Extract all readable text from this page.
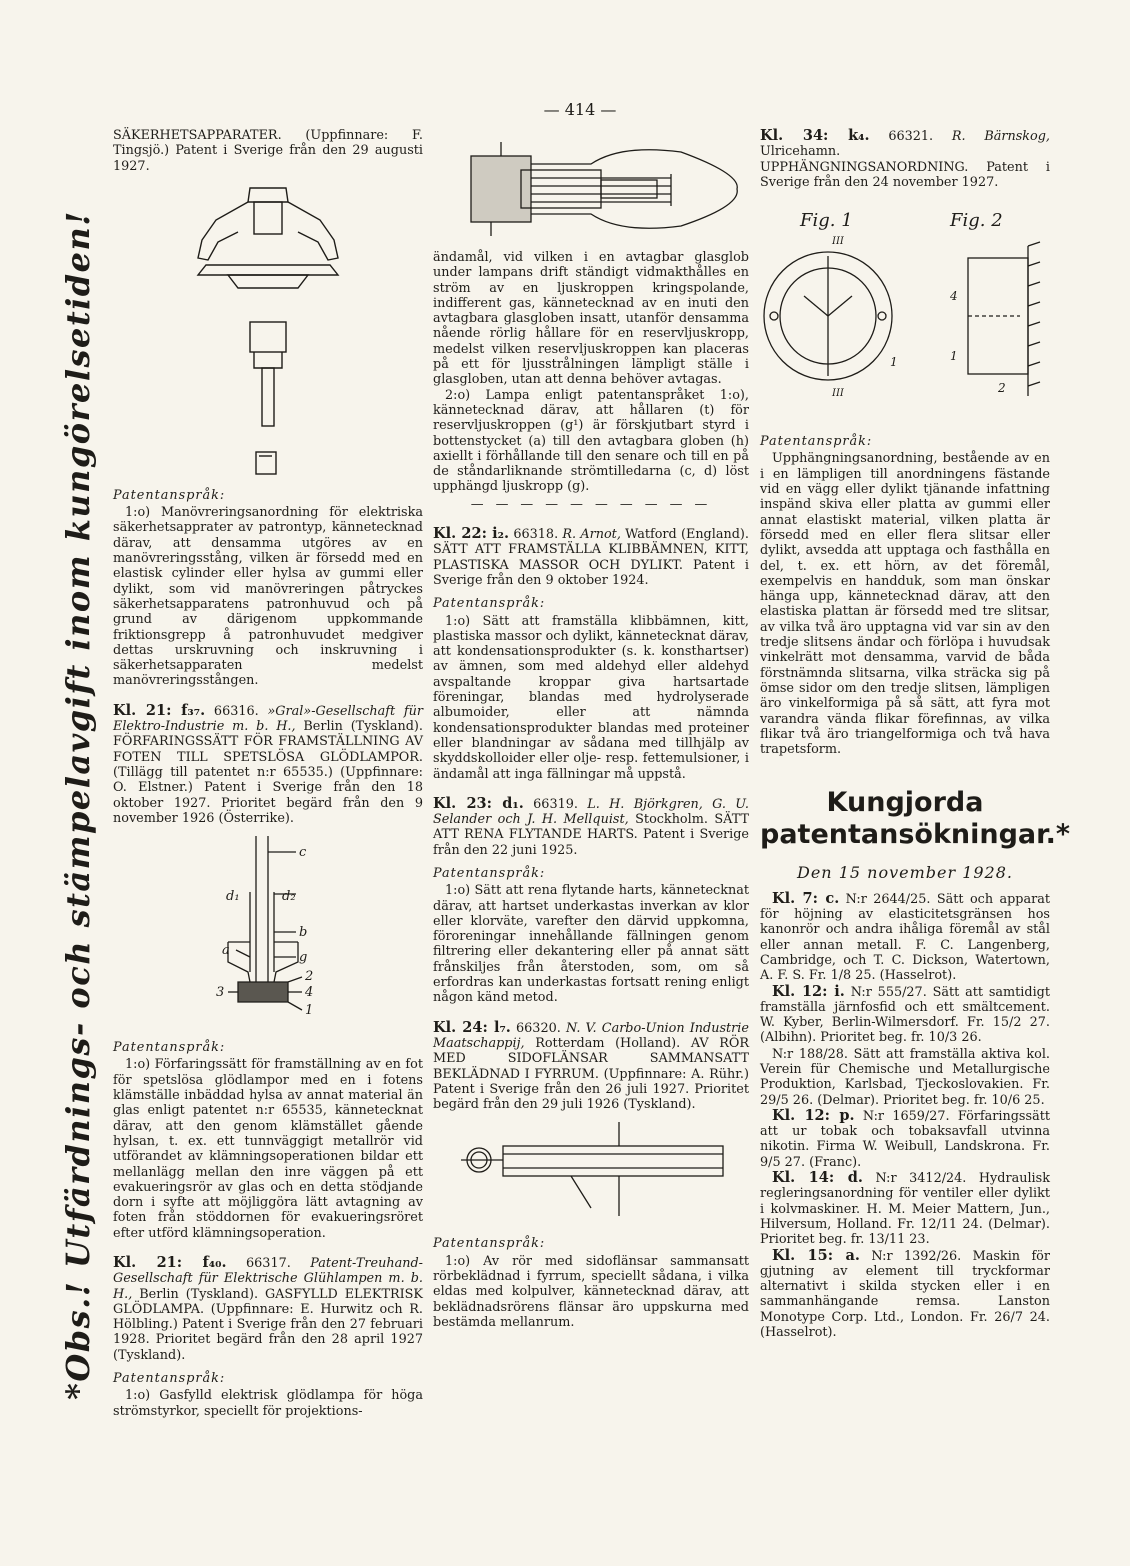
— 414 —
*Obs.! Utfärdnings- och stämpelavgift inom kungörelsetiden!

SÄKERHETSAPPARATER. (Uppfinnare: F. Tingsjö.) Patent i Sverige från den 29 augusti 1927.

Patentanspråk:

1:o) Manövreringsanordning för elektriska säkerhetsapprater av patrontyp, kännetecknad därav, att densamma utgöres av en manövreringsstång, vilken är försedd med en elastisk cylinder eller hylsa av gummi eller dylikt, som vid manövreringen påtryckes säkerhetsapparatens patronhuvud och på grund av därigenom uppkommande friktionsgrepp å patronhuvudet medgiver dettas urskruvning och inskruvning i säkerhetsapparaten medelst manövreringsstången.

Kl. 21: f₃₇. 66316. »Gral»-Gesellschaft für Elektro-Industrie m. b. H., Berlin (Tyskland). FÖRFARINGSSÄTT FÖR FRAMSTÄLLNING AV FOTEN TILL SPETSLÖSA GLÖDLAMPOR. (Tillägg till patentet n:r 65535.) (Uppfinnare: O. Elstner.) Patent i Sverige från den 18 oktober 1927. Prioritet begärd från den 9 november 1926 (Österrike).

c
d₁	d₂
b
a	g
3
2
4
1

Patentanspråk:

1:o) Förfaringssätt för framställning av en fot för spetslösa glödlampor med en i fotens klämställe inbäddad hylsa av annat material än glas enligt patentet n:r 65535, kännetecknat därav, att den genom klämstället gående hylsan, t. ex. ett tunnväggigt metallrör vid utförandet av klämningsoperationen bildar ett mellanlägg mellan den inre väggen på ett evakueringsrör av glas och en detta stödjande dorn i syfte att möjliggöra lätt avtagning av foten från stöddornen för evakueringsröret efter utförd klämningsoperation.

Kl. 21: f₄₀. 66317. Patent-Treuhand-Gesellschaft für Elektrische Glühlampen m. b. H., Berlin (Tyskland). GASFYLLD ELEKTRISK GLÖDLAMPA. (Uppfinnare: E. Hurwitz och R. Hölbling.) Patent i Sverige från den 27 februari 1928. Prioritet begärd från den 28 april 1927 (Tyskland).

Patentanspråk:

1:o) Gasfylld elektrisk glödlampa för höga strömstyrkor, speciellt för projektions-

ändamål, vid vilken i en avtagbar glasglob under lampans drift ständigt vidmakthålles en ström av en ljuskroppen kringspolande, indifferent gas, kännetecknad av en inuti den avtagbara glasgloben insatt, utanför densamma nående rörlig hållare för en reservljuskropp, medelst vilken reservljuskroppen kan placeras på ett för ljusstrålningen lämpligt ställe i glasgloben, utan att denna behöver avtagas.

2:o) Lampa enligt patentanspråket 1:o), kännetecknad därav, att hållaren (t) för reservljuskroppen (g¹) är förskjutbart styrd i bottenstycket (a) till den avtagbara globen (h) axiellt i förhållande till den senare och till en på de ståndarliknande strömtilledarna (c, d) löst upphängd ljuskropp (g).

— — — — — — — — — —

Kl. 22: i₂. 66318. R. Arnot, Watford (England). SÄTT ATT FRAMSTÄLLA KLIBBÄMNEN, KITT, PLASTISKA MASSOR OCH DYLIKT. Patent i Sverige från den 9 oktober 1924.

Patentanspråk:

1:o) Sätt att framställa klibbämnen, kitt, plastiska massor och dylikt, kännetecknat därav, att kondensationsprodukter (s. k. konsthartser) av ämnen, som med aldehyd eller aldehyd avspaltande kroppar giva hartsartade föreningar, blandas med hydrolyserade albumoider, eller att nämnda kondensationsprodukter blandas med proteiner eller blandningar av sådana med tillhjälp av skyddskolloider eller olje- resp. fettemulsioner, i ändamål att inga fällningar må uppstå.

Kl. 23: d₁. 66319. L. H. Björkgren, G. U. Selander och J. H. Mellquist, Stockholm. SÄTT ATT RENA FLYTANDE HARTS. Patent i Sverige från den 22 juni 1925.

Patentanspråk:

1:o) Sätt att rena flytande harts, kännetecknat därav, att hartset underkastas inverkan av klor eller klorväte, varefter den därvid uppkomna, föroreningar innehållande fällningen genom filtrering eller dekantering eller på annat sätt frånskiljes från återstoden, som, om så erfordras kan underkastas fortsatt rening enligt någon känd metod.

Kl. 24: l₇. 66320. N. V. Carbo-Union Industrie Maatschappij, Rotterdam (Holland). AV RÖR MED SIDOFLÄNSAR SAMMANSATT BEKLÄDNAD I FYRRUM. (Uppfinnare: A. Rühr.) Patent i Sverige från den 26 juli 1927. Prioritet begärd från den 29 juli 1926 (Tyskland).

Patentanspråk:

1:o) Av rör med sidoflänsar sammansatt rörbeklädnad i fyrrum, speciellt sådana, i vilka eldas med kolpulver, kännetecknad därav, att beklädnadsrörens flänsar äro uppskurna med bestämda mellanrum.

Kl. 34: k₄. 66321. R. Bärnskog, Ulricehamn. UPPHÄNGNINGSANORDNING. Patent i Sverige från den 24 november 1927.

Fig. 1	Fig. 2
III
III
1
4
1
2

Patentanspråk:

Upphängningsanordning, bestående av en i en lämpligen till anordningens fästande vid en vägg eller dylikt tjänande infattning inspänd skiva eller platta av gummi eller annat elastiskt material, vilken platta är försedd med en eller flera slitsar eller dylikt, avsedda att upptaga och fasthålla en del, t. ex. ett hörn, av det föremål, exempelvis en handduk, som man önskar hänga upp, kännetecknad därav, att den elastiska plattan är försedd med tre slitsar, av vilka två äro upptagna vid var sin av den tredje slitsens ändar och förlöpa i huvudsak vinkelrätt mot densamma, varvid de båda förstnämnda slitsarna, vilka sträcka sig på ömse sidor om den tredje slitsen, lämpligen äro vinkelformiga på så sätt, att fyra mot varandra vända flikar förefinnas, av vilka flikar två äro triangelformiga och två hava trapetsform.

Kungjorda patentansökningar.*
Den 15 november 1928.

Kl. 7: c. N:r 2644/25. Sätt och apparat för höjning av elasticitetsgränsen hos kanonrör och andra ihåliga föremål av stål eller annan metall. F. C. Langenberg, Cambridge, och T. C. Dickson, Watertown, A. F. S. Fr. 1/8 25. (Hasselrot).

Kl. 12: i. N:r 555/27. Sätt att samtidigt framställa järnfosfid och ett smältcement. W. Kyber, Berlin-Wilmersdorf. Fr. 15/2 27. (Albihn). Prioritet beg. fr. 10/3 26.

N:r 188/28. Sätt att framställa aktiva kol. Verein für Chemische und Metallurgische Produktion, Karlsbad, Tjeckoslovakien. Fr. 29/5 26. (Delmar). Prioritet beg. fr. 10/6 25.

Kl. 12: p. N:r 1659/27. Förfaringssätt att ur tobak och tobaksavfall utvinna nikotin. Firma W. Weibull, Landskrona. Fr. 9/5 27. (Franc).

Kl. 14: d. N:r 3412/24. Hydraulisk regleringsanordning för ventiler eller dylikt i kolvmaskiner. H. M. Meier Mattern, Jun., Hilversum, Holland. Fr. 12/11 24. (Delmar). Prioritet beg. fr. 13/11 23.

Kl. 15: a. N:r 1392/26. Maskin för gjutning av element till tryckformar alternativt i skilda stycken eller i en sammanhängande remsa. Lanston Monotype Corp. Ltd., London. Fr. 26/7 24. (Hasselrot).
